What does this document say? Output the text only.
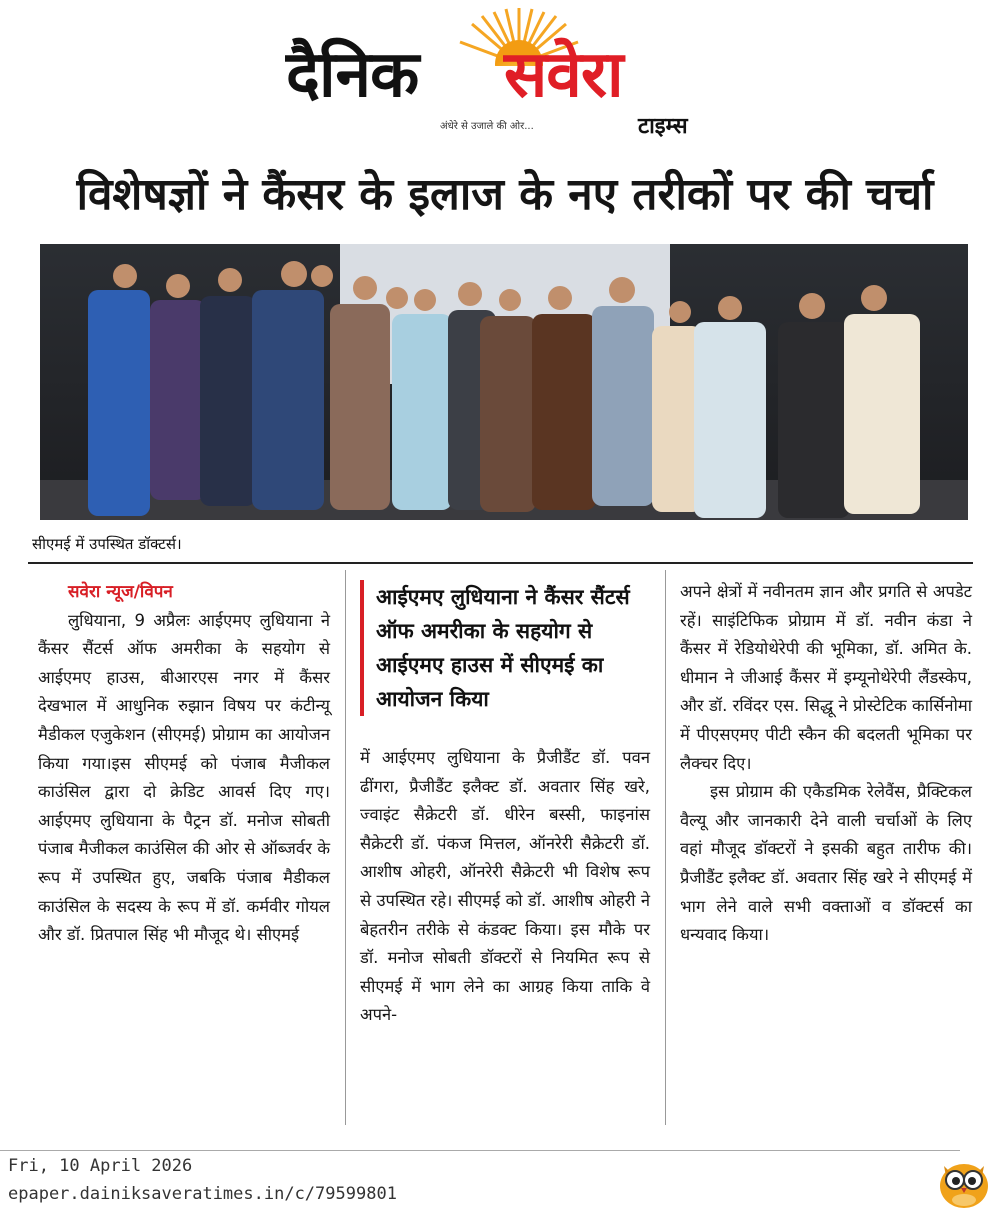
दैनिक सवेरा
अंधेरे से उजाले की ओर...	टाइम्स
विशेषज्ञों ने कैंसर के इलाज के नए तरीकों पर की चर्चा
सीएमई में उपस्थित डॉक्टर्स।

सवेरा न्यूज/विपन

लुधियाना, 9 अप्रैलः आईएमए लुधियाना ने कैंसर सैंटर्स ऑफ अमरीका के सहयोग से आईएमए हाउस, बीआरएस नगर में कैंसर देखभाल में आधुनिक रुझान विषय पर कंटीन्यू मैडीकल एजुकेशन (सीएमई) प्रोग्राम का आयोजन किया गया।इस सीएमई को पंजाब मैजीकल काउंसिल द्वारा दो क्रेडिट आवर्स दिए गए। आईएमए लुधियाना के पैट्रन डॉ. मनोज सोबती पंजाब मैजीकल काउंसिल की ओर से ऑब्जर्वर के रूप में उपस्थित हुए, जबकि पंजाब मैडीकल काउंसिल के सदस्य के रूप में डॉ. कर्मवीर गोयल और डॉ. प्रितपाल सिंह भी मौजूद थे। सीएमई

आईएमए लुधियाना ने कैंसर सैंटर्स ऑफ अमरीका के सहयोग से आईएमए हाउस में सीएमई का आयोजन किया

में आईएमए लुधियाना के प्रैजीडैंट डॉ. पवन ढींगरा, प्रैजीडैंट इलैक्ट डॉ. अवतार सिंह खरे, ज्वाइंट सैक्रेटरी डॉ. धीरेन बस्सी, फाइनांस सैक्रेटरी डॉ. पंकज मित्तल, ऑनरेरी सैक्रेटरी डॉ. आशीष ओहरी, ऑनरेरी सैक्रेटरी भी विशेष रूप से उपस्थित रहे। सीएमई को डॉ. आशीष ओहरी ने बेहतरीन तरीके से कंडक्ट किया। इस मौके पर डॉ. मनोज सोबती डॉक्टरों से नियमित रूप से सीएमई में भाग लेने का आग्रह किया ताकि वे अपने-

अपने क्षेत्रों में नवीनतम ज्ञान और प्रगति से अपडेट रहें। साइंटिफिक प्रोग्राम में डॉ. नवीन कंडा ने कैंसर में रेडियोथेरेपी की भूमिका, डॉ. अमित के. धीमान ने जीआई कैंसर में इम्यूनोथेरेपी लैंडस्केप, और डॉ. रविंदर एस. सिद्धू ने प्रोस्टेटिक कार्सिनोमा में पीएसएमए पीटी स्कैन की बदलती भूमिका पर लैक्चर दिए।

इस प्रोग्राम की एकैडमिक रेलेवैंस, प्रैक्टिकल वैल्यू और जानकारी देने वाली चर्चाओं के लिए वहां मौजूद डॉक्टरों ने इसकी बहुत तारीफ की। प्रैजीडैंट इलैक्ट डॉ. अवतार सिंह खरे ने सीएमई में भाग लेने वाले सभी वक्ताओं व डॉक्टर्स का धन्यवाद किया।

Fri, 10 April 2026
epaper.dainiksaveratimes.in/c/79599801
